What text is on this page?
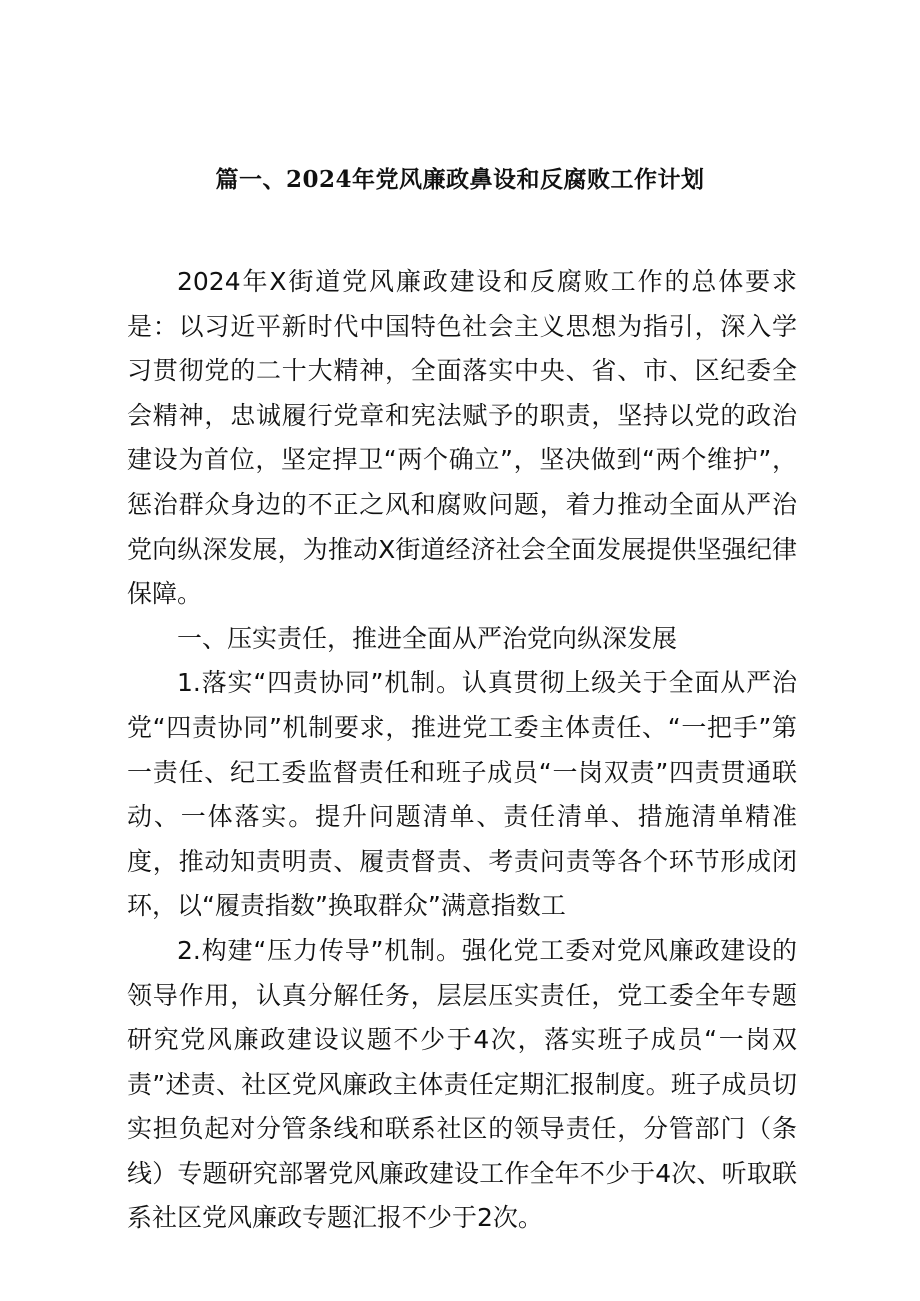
篇一、2024年党风廉政鼻设和反腐败工作计划

2024年X街道党风廉政建设和反腐败工作的总体要求是：以习近平新时代中国特色社会主义思想为指引，深入学习贯彻党的二十大精神，全面落实中央、省、市、区纪委全会精神，忠诚履行党章和宪法赋予的职责，坚持以党的政治建设为首位，坚定捍卫“两个确立”，坚决做到“两个维护”，惩治群众身边的不正之风和腐败问题，着力推动全面从严治党向纵深发展，为推动X街道经济社会全面发展提供坚强纪律保障。

一、压实责任，推进全面从严治党向纵深发展

1.落实“四责协同”机制。认真贯彻上级关于全面从严治党“四责协同”机制要求，推进党工委主体责任、“一把手”第一责任、纪工委监督责任和班子成员“一岗双责”四责贯通联动、一体落实。提升问题清单、责任清单、措施清单精准度，推动知责明责、履责督责、考责问责等各个环节形成闭环，以“履责指数”换取群众”满意指数工

2.构建“压力传导”机制。强化党工委对党风廉政建设的领导作用，认真分解任务，层层压实责任，党工委全年专题研究党风廉政建设议题不少于4次，落实班子成员“一岗双责”述责、社区党风廉政主体责任定期汇报制度。班子成员切实担负起对分管条线和联系社区的领导责任，分管部门（条线）专题研究部署党风廉政建设工作全年不少于4次、听取联系社区党风廉政专题汇报不少于2次。
